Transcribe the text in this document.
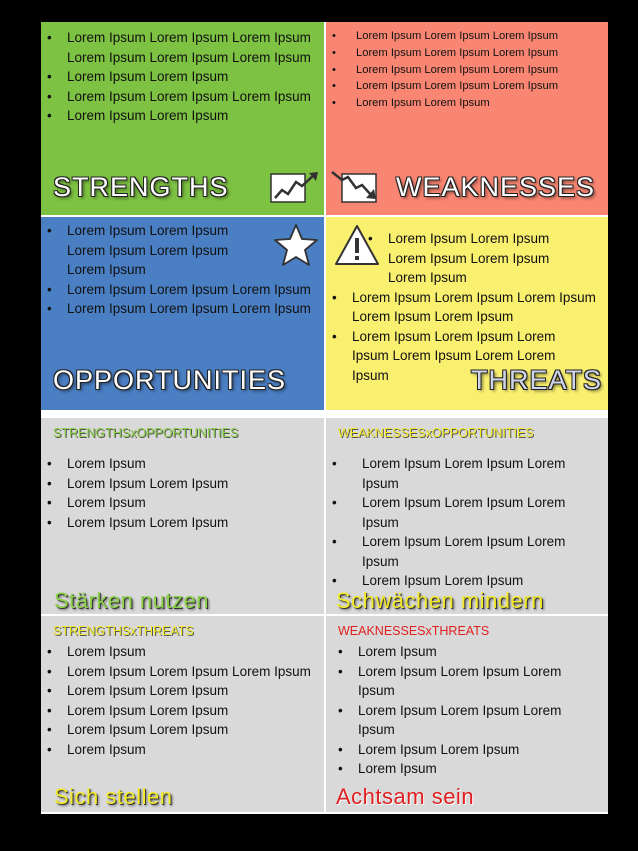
• Lorem Ipsum Lorem Ipsum Lorem Ipsum Lorem Ipsum Lorem Ipsum Lorem Ipsum
• Lorem Ipsum Lorem Ipsum
• Lorem Ipsum Lorem Ipsum Lorem Ipsum
• Lorem Ipsum Lorem Ipsum
STRENGTHS
• Lorem Ipsum Lorem Ipsum Lorem Ipsum
• Lorem Ipsum Lorem Ipsum Lorem Ipsum
• Lorem Ipsum Lorem Ipsum Lorem Ipsum
• Lorem Ipsum Lorem Ipsum Lorem Ipsum
• Lorem Ipsum Lorem Ipsum
WEAKNESSES
• Lorem Ipsum Lorem Ipsum Lorem Ipsum Lorem Ipsum Lorem Ipsum
• Lorem Ipsum Lorem Ipsum Lorem Ipsum
• Lorem Ipsum Lorem Ipsum Lorem Ipsum
OPPORTUNITIES
• Lorem Ipsum Lorem Ipsum Lorem Ipsum Lorem Ipsum Lorem Ipsum
• Lorem Ipsum Lorem Ipsum Lorem Ipsum Lorem Ipsum Lorem Ipsum
• Lorem Ipsum Lorem Ipsum Lorem Ipsum Lorem Ipsum Lorem Lorem Ipsum	THREATS
STRENGTHSxOPPORTUNITIES
• Lorem Ipsum
• Lorem Ipsum Lorem Ipsum
• Lorem Ipsum
• Lorem Ipsum Lorem Ipsum
Stärken nutzen
WEAKNESSESxOPPORTUNITIES
• Lorem Ipsum Lorem Ipsum Lorem Ipsum
• Lorem Ipsum Lorem Ipsum Lorem Ipsum
• Lorem Ipsum Lorem Ipsum Lorem Ipsum
• Lorem Ipsum Lorem Ipsum
Schwächen mindern
STRENGTHSxTHREATS
• Lorem Ipsum
• Lorem Ipsum Lorem Ipsum Lorem Ipsum
• Lorem Ipsum Lorem Ipsum
• Lorem Ipsum Lorem Ipsum
• Lorem Ipsum Lorem Ipsum
• Lorem Ipsum
Sich stellen
WEAKNESSESxTHREATS
• Lorem Ipsum
• Lorem Ipsum Lorem Ipsum Lorem Ipsum
• Lorem Ipsum Lorem Ipsum Lorem Ipsum
• Lorem Ipsum Lorem Ipsum
• Lorem Ipsum
Achtsam sein
